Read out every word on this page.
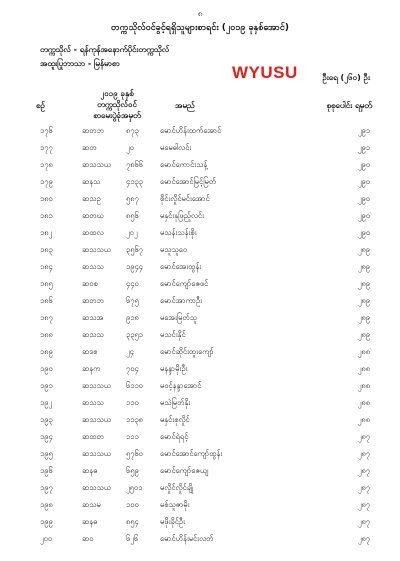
၈
တက္ကသိုလ်ဝင်ခွင့်ရရှိသူများစာရင်း (၂၀၁၉ ခုနှစ်အောင်)
တက္ကသိုလ် - ရန်ကုန်အနောက်ပိုင်းတက္ကသိုလ်
အထူးပြုဘာသာ - မြန်မာစာ	WYUSU	ဦးရေ (၂၆၀) ဦး
စဉ်
၂၀၁၉ ခုနှစ်
တက္ကသိုလ်ဝင်
စာမေးပွဲခုံအမှတ်
အမည်	စုစုပေါင်း ရမှတ်
၁၇၆	ဆတဘ	၈၇၃	မောင်ဟိန်းထက်အောင်	၂၉၁
၁၇၇	ဆတ	၂၀	မမေဓါလင်း	၂၉၁
၁၇၈	ဆသသယ ၇၈၆၆ မောင်ကောင်းသန့်	၂၉၀
၁၇၉	ဆနသ	၄၁၃၃ မောင်အောင်မြင့်မြတ်	၂၉၀
၁၈၀	ဆသဥ	၅၈၇	စိုင်းလှိုင်မင်းအောင်	၂၉၀
၁၈၁	ဆတဃ	၈၅၆	မနှင်းနုဖြည့်လင်း	၂၉၀
၁၈၂	ဆထလ	၂၀၂	မသန်းသန်းစိုး	၂၉၀
၁၈၃	ဆသသယ ၃၅၆၇ မသူသူဝေ	၂၈၉
၁၈၄	ဆသသ	၁၉၄၄ မောင်အေးထွန်း	၂၈၉
၁၈၅	ဆဝစ	၄၄၀	မောင်ကျော်ဇေဖင်	၂၈၉
၁၈၆	ဆတဘ	၆၇၅	မောင်အာကာဦး	၂၈၉
၁၈၇	ဆသအ	၉၁၈	မအေးမြတ်သူ	၂၈၉
၁၈၈	ဆသသ	၃၃၅၁ မသင်းနိုင်	၂၈၉
၁၈၉	ဆဒစ	၂၄	မောင်ဆိုင်းထူးကျော်	၂၈၈
၁၉၀	ဆနက	၇၀၄	မနန္ဒာမိုးဦး	၂၈၈
၁၉၁	ဆသသယ ၆၁၁၀ မဝင့်နန္ဒာအောင်	၂၈၈
၁၉၂	ဆသသ	၁၁၀	မသဲမြတ်နိုး	၂၈၈
၁၉၃	ဆသသယ ၁၁၃၈ မနှင်းစုလှိုင်	၂၈၈
၁၉၄	ဆထတ	၁၁၁	မောင်ရဲရင့်	၂၈၇
၁၉၅	ဆသသယ ၅၇၆၀ မောင်အောင်ကျော်ထွန်း	၂၈၇
၁၉၆	ဆနဓ	၆၅၉	မောင်ကျော်ဇေယျ	၂၈၇
၁၉၇	ဆသသယ ၂၅၀၁ မလှိုင်လှိုင်ချို	၂၈၇
၁၉၈	ဆသမ	၁၀၀	မစ်သူဇာမိုး	၂၈၇
၁၉၉	ဆနဓ	၈၅၄	မဖိုးခိုင်ဦး	၂၈၇
၂၀၀	ဆဝ	၆၂၆	မောင်ဟိန်းမင်းလတ်	၂၈၇
